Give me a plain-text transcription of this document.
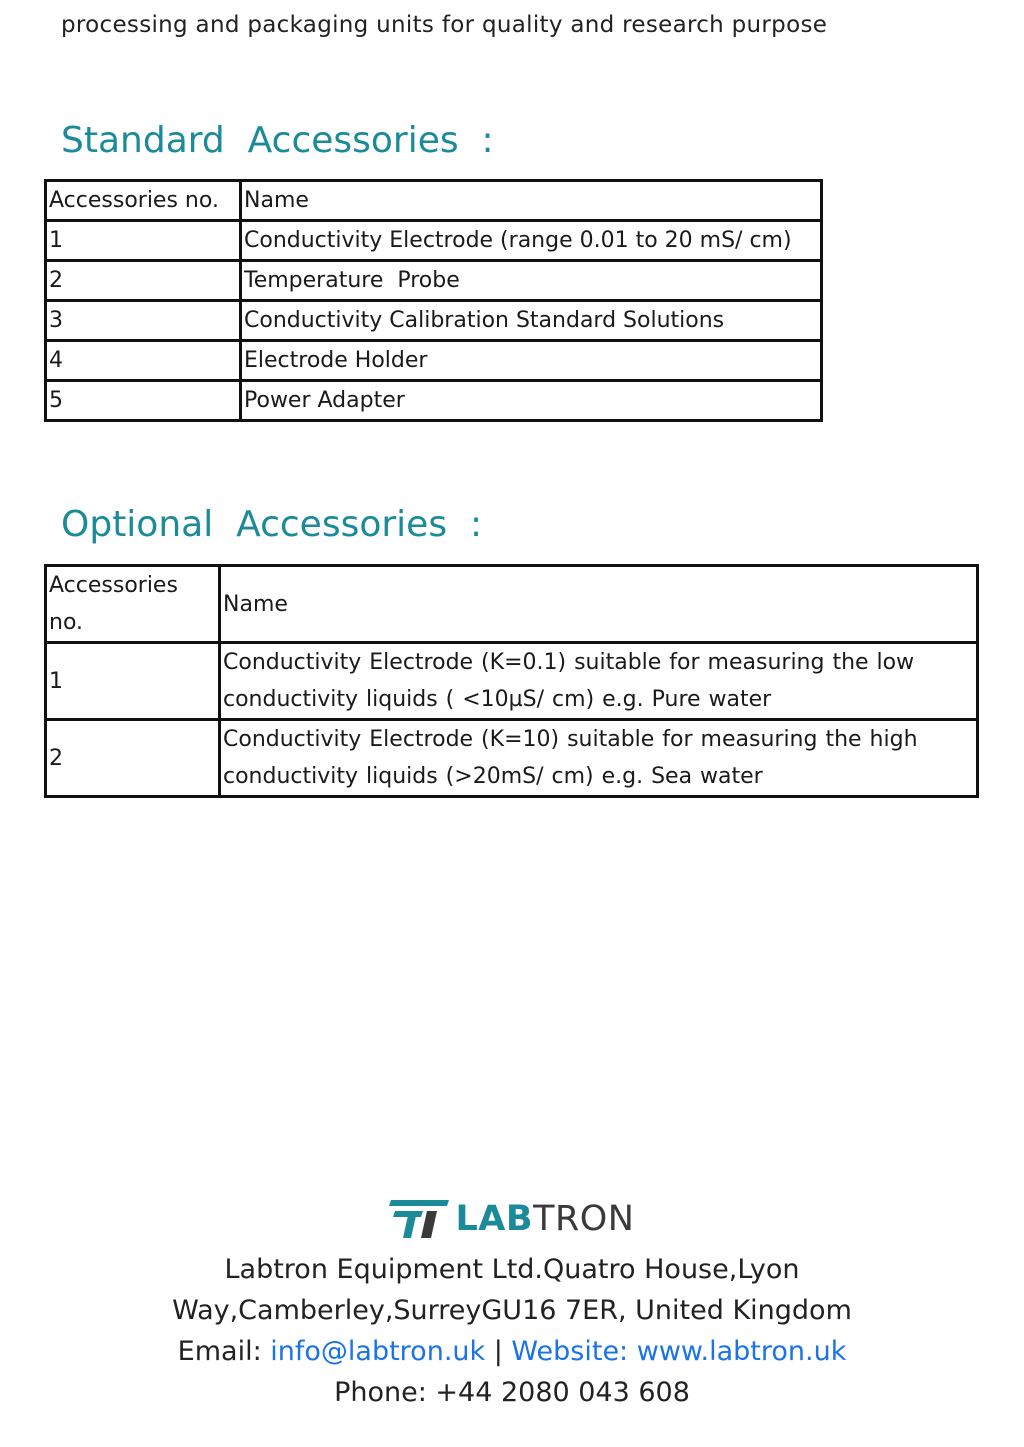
processing and packaging units for quality and research purpose
Standard  Accessories  :
Accessories no.	Name
1	Conductivity Electrode (range 0.01 to 20 mS/ cm)
2	Temperature  Probe
3	Conductivity Calibration Standard Solutions
4	Electrode Holder
5	Power Adapter
Optional  Accessories  :
Accessories no.	Name
1	Conductivity Electrode (K=0.1) suitable for measuring the low conductivity liquids ( <10µS/ cm) e.g. Pure water
2	Conductivity Electrode (K=10) suitable for measuring the high conductivity liquids (>20mS/ cm) e.g. Sea water
LABTRON
Labtron Equipment Ltd.Quatro House,Lyon
Way,Camberley,SurreyGU16 7ER, United Kingdom
Email: info@labtron.uk | Website: www.labtron.uk
Phone: +44 2080 043 608
